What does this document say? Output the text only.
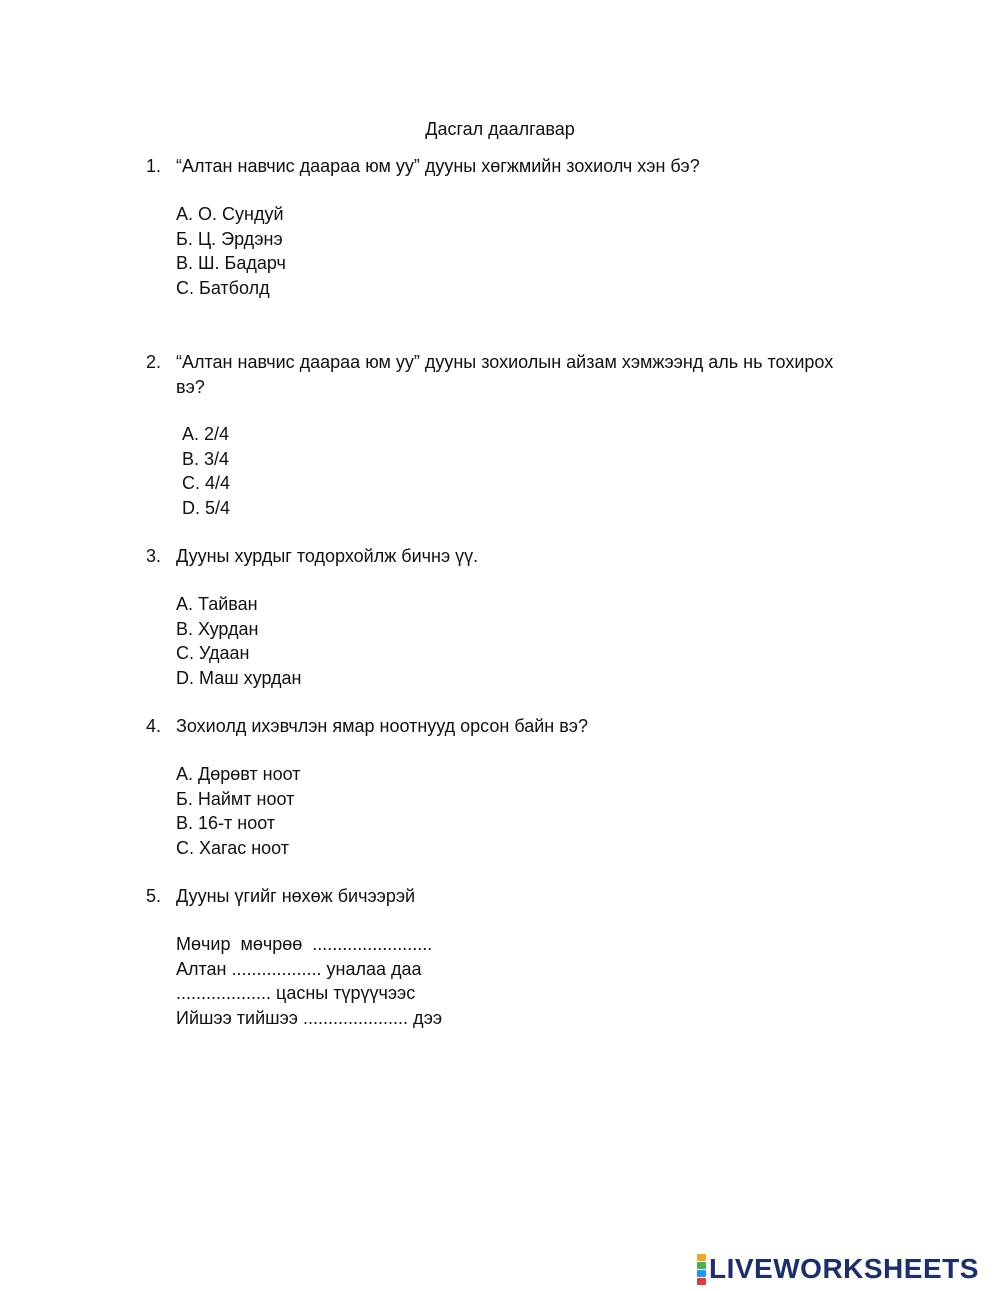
Дасгал даалгавар
1. “Алтан навчис даараа юм уу” дууны хөгжмийн зохиолч хэн бэ?
А. О. Сундуй
Б. Ц. Эрдэнэ
В. Ш. Бадарч
С. Батболд
2. “Алтан навчис даараа юм уу” дууны зохиолын айзам хэмжээнд аль нь тохирох вэ?
A. 2/4
B. 3/4
C. 4/4
D. 5/4
3. Дууны хурдыг тодорхойлж бичнэ үү.
А. Тайван
В. Хурдан
С. Удаан
D. Маш хурдан
4. Зохиолд ихэвчлэн ямар ноотнууд орсон байн вэ?
А. Дөрөвт ноот
Б. Наймт ноот
В. 16-т ноот
С. Хагас ноот
5. Дууны үгийг нөхөж бичээрэй
Мөчир  мөчрөө  ........................
Алтан .................. уналаа даа
................... цасны түрүүчээс
Ийшээ тийшээ ..................... дээ
LIVEWORKSHEETS
